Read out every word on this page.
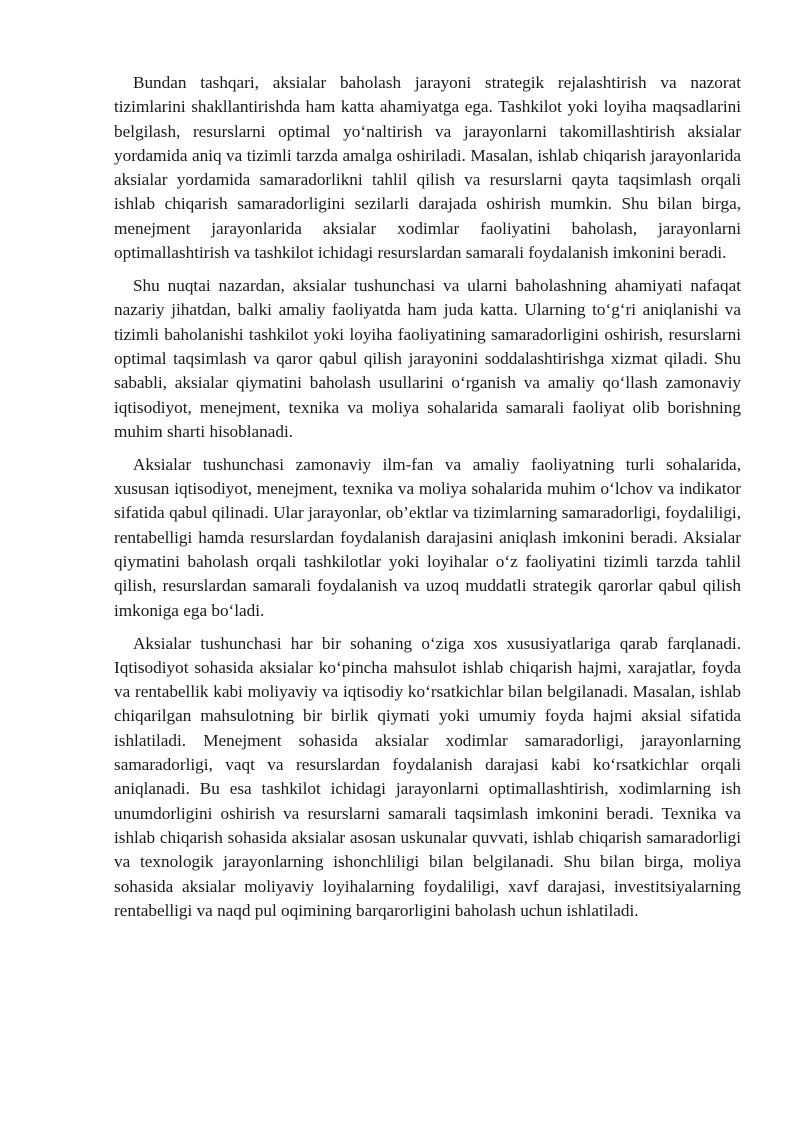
Bundan tashqari, aksialar baholash jarayoni strategik rejalashtirish va nazorat tizimlarini shakllantirishda ham katta ahamiyatga ega. Tashkilot yoki loyiha maqsadlarini belgilash, resurslarni optimal yo‘naltirish va jarayonlarni takomillashtirish aksialar yordamida aniq va tizimli tarzda amalga oshiriladi. Masalan, ishlab chiqarish jarayonlarida aksialar yordamida samaradorlikni tahlil qilish va resurslarni qayta taqsimlash orqali ishlab chiqarish samaradorligini sezilarli darajada oshirish mumkin. Shu bilan birga, menejment jarayonlarida aksialar xodimlar faoliyatini baholash, jarayonlarni optimallashtirish va tashkilot ichidagi resurslardan samarali foydalanish imkonini beradi.

Shu nuqtai nazardan, aksialar tushunchasi va ularni baholashning ahamiyati nafaqat nazariy jihatdan, balki amaliy faoliyatda ham juda katta. Ularning to‘g‘ri aniqlanishi va tizimli baholanishi tashkilot yoki loyiha faoliyatining samaradorligini oshirish, resurslarni optimal taqsimlash va qaror qabul qilish jarayonini soddalashtirishga xizmat qiladi. Shu sababli, aksialar qiymatini baholash usullarini o‘rganish va amaliy qo‘llash zamonaviy iqtisodiyot, menejment, texnika va moliya sohalarida samarali faoliyat olib borishning muhim sharti hisoblanadi.

Aksialar tushunchasi zamonaviy ilm-fan va amaliy faoliyatning turli sohalarida, xususan iqtisodiyot, menejment, texnika va moliya sohalarida muhim o‘lchov va indikator sifatida qabul qilinadi. Ular jarayonlar, ob’ektlar va tizimlarning samaradorligi, foydaliligi, rentabelligi hamda resurslardan foydalanish darajasini aniqlash imkonini beradi. Aksialar qiymatini baholash orqali tashkilotlar yoki loyihalar o‘z faoliyatini tizimli tarzda tahlil qilish, resurslardan samarali foydalanish va uzoq muddatli strategik qarorlar qabul qilish imkoniga ega bo‘ladi.

Aksialar tushunchasi har bir sohaning o‘ziga xos xususiyatlariga qarab farqlanadi. Iqtisodiyot sohasida aksialar ko‘pincha mahsulot ishlab chiqarish hajmi, xarajatlar, foyda va rentabellik kabi moliyaviy va iqtisodiy ko‘rsatkichlar bilan belgilanadi. Masalan, ishlab chiqarilgan mahsulotning bir birlik qiymati yoki umumiy foyda hajmi aksial sifatida ishlatiladi. Menejment sohasida aksialar xodimlar samaradorligi, jarayonlarning samaradorligi, vaqt va resurslardan foydalanish darajasi kabi ko‘rsatkichlar orqali aniqlanadi. Bu esa tashkilot ichidagi jarayonlarni optimallashtirish, xodimlarning ish unumdorligini oshirish va resurslarni samarali taqsimlash imkonini beradi. Texnika va ishlab chiqarish sohasida aksialar asosan uskunalar quvvati, ishlab chiqarish samaradorligi va texnologik jarayonlarning ishonchliligi bilan belgilanadi. Shu bilan birga, moliya sohasida aksialar moliyaviy loyihalarning foydaliligi, xavf darajasi, investitsiyalarning rentabelligi va naqd pul oqimining barqarorligini baholash uchun ishlatiladi.
